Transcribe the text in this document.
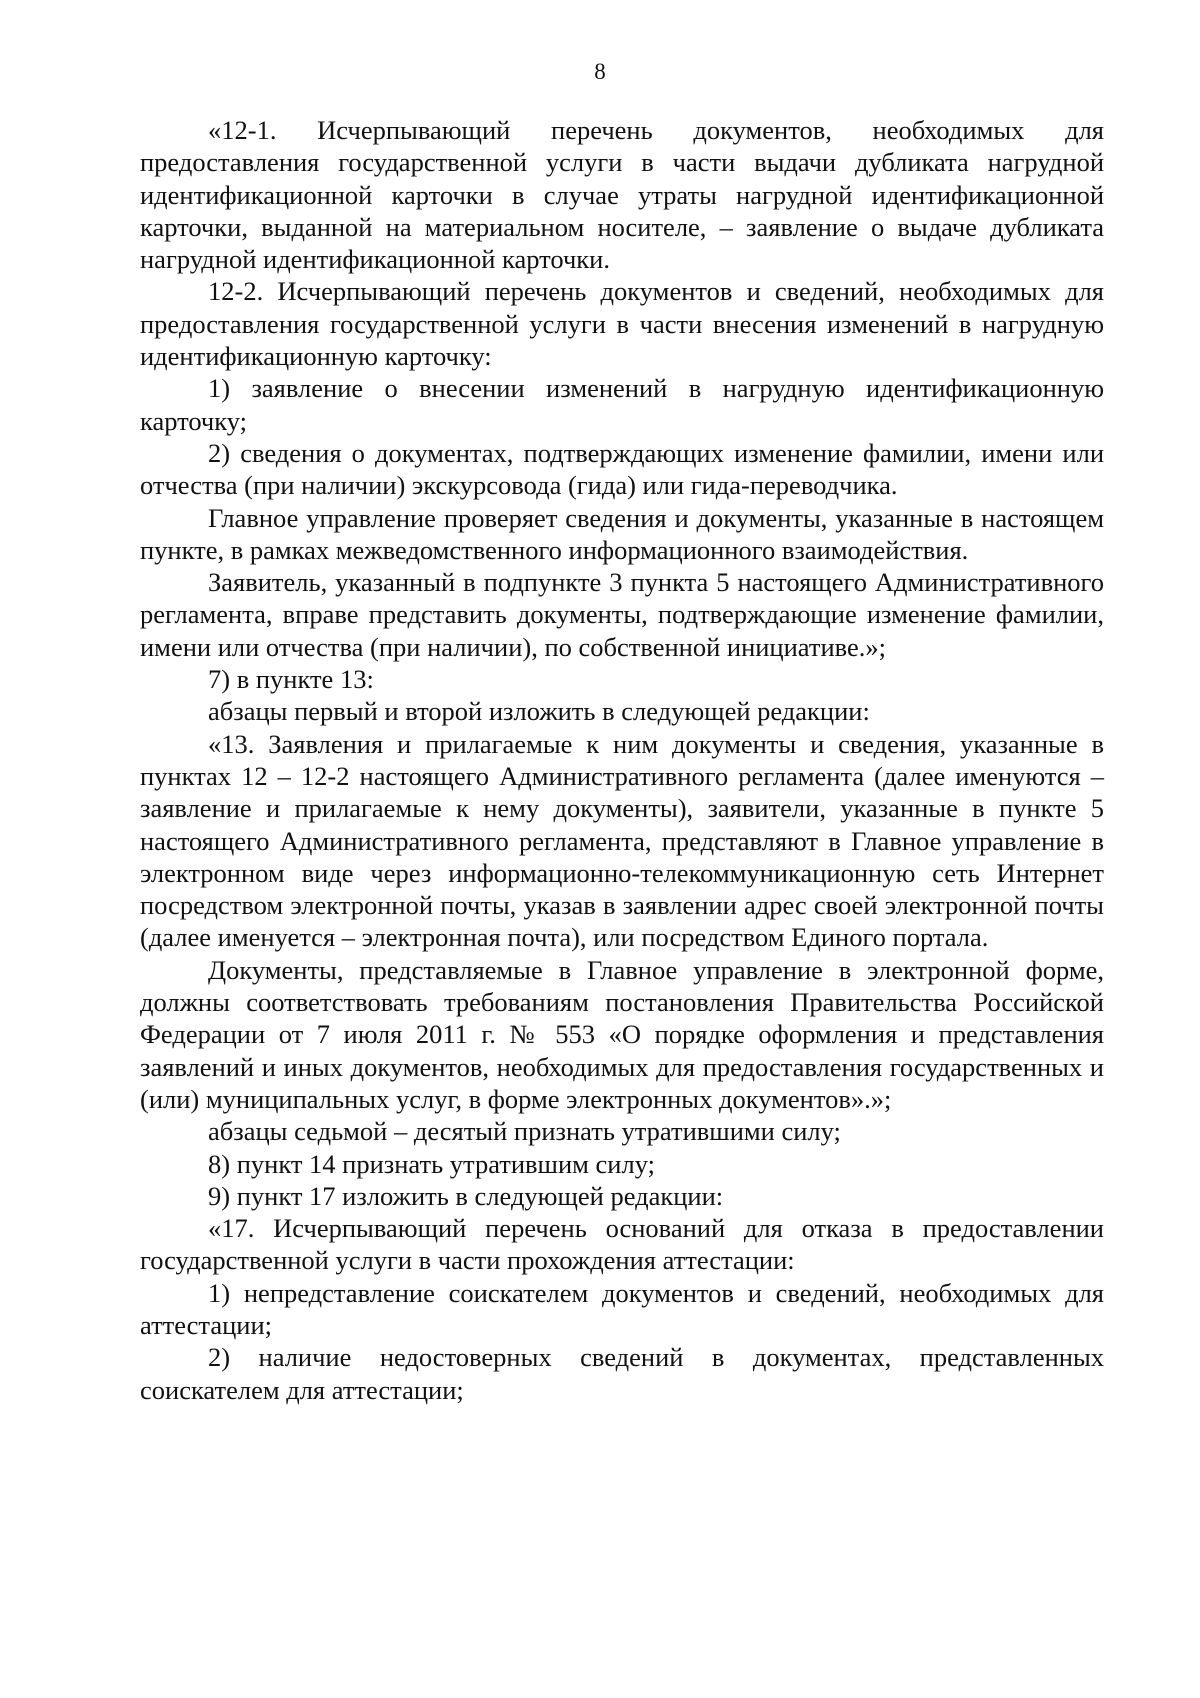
8

«12-1. Исчерпывающий перечень документов, необходимых для предоставления государственной услуги в части выдачи дубликата нагрудной идентификационной карточки в случае утраты нагрудной идентификационной карточки, выданной на материальном носителе, – заявление о выдаче дубликата нагрудной идентификационной карточки.

12-2. Исчерпывающий перечень документов и сведений, необходимых для предоставления государственной услуги в части внесения изменений в нагрудную идентификационную карточку:

1) заявление о внесении изменений в нагрудную идентификационную карточку;

2) сведения о документах, подтверждающих изменение фамилии, имени или отчества (при наличии) экскурсовода (гида) или гида-переводчика.

Главное управление проверяет сведения и документы, указанные в настоящем пункте, в рамках межведомственного информационного взаимодействия.

Заявитель, указанный в подпункте 3 пункта 5 настоящего Административного регламента, вправе представить документы, подтверждающие изменение фамилии, имени или отчества (при наличии), по собственной инициативе.»;

7) в пункте 13:

абзацы первый и второй изложить в следующей редакции:

«13. Заявления и прилагаемые к ним документы и сведения, указанные в пунктах 12 – 12-2 настоящего Административного регламента (далее именуются – заявление и прилагаемые к нему документы), заявители, указанные в пункте 5 настоящего Административного регламента, представляют в Главное управление в электронном виде через информационно-телекоммуникационную сеть Интернет посредством электронной почты, указав в заявлении адрес своей электронной почты (далее именуется – электронная почта), или посредством Единого портала.

Документы, представляемые в Главное управление в электронной форме, должны соответствовать требованиям постановления Правительства Российской Федерации от 7 июля 2011 г. № 553 «О порядке оформления и представления заявлений и иных документов, необходимых для предоставления государственных и (или) муниципальных услуг, в форме электронных документов».»;

абзацы седьмой – десятый признать утратившими силу;

8) пункт 14 признать утратившим силу;

9) пункт 17 изложить в следующей редакции:

«17. Исчерпывающий перечень оснований для отказа в предоставлении государственной услуги в части прохождения аттестации:

1) непредставление соискателем документов и сведений, необходимых для аттестации;

2) наличие недостоверных сведений в документах, представленных соискателем для аттестации;
